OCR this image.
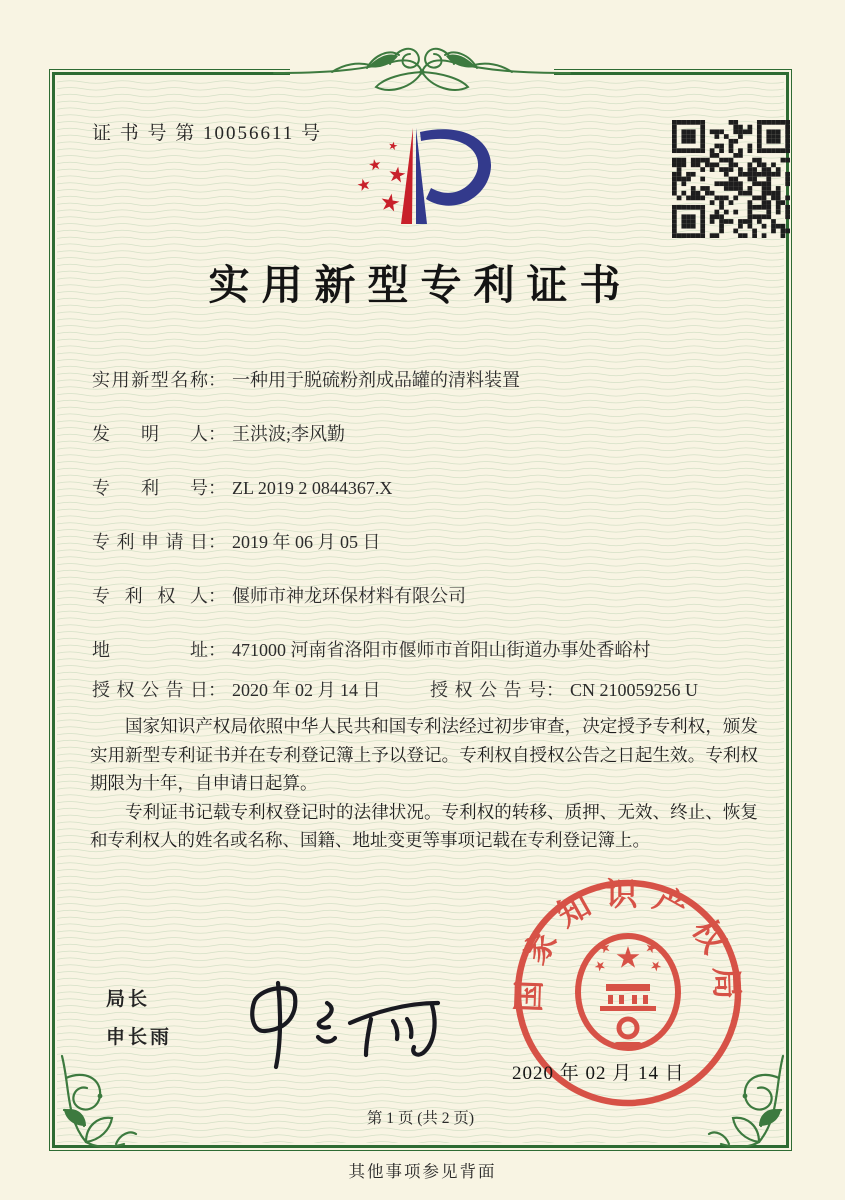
证 书 号 第 10056611 号
实用新型专利证书
实用新型名称： 一种用于脱硫粉剂成品罐的清料装置
发明人： 王洪波;李风勤
专利号： ZL 2019 2 0844367.X
专利申请日： 2019 年 06 月 05 日
专利权人： 偃师市神龙环保材料有限公司
地址： 471000 河南省洛阳市偃师市首阳山街道办事处香峪村
授权公告日： 2020 年 02 月 14 日	授权公告号： CN 210059256 U

国家知识产权局依照中华人民共和国专利法经过初步审查，决定授予专利权，颁发实用新型专利证书并在专利登记簿上予以登记。专利权自授权公告之日起生效。专利权期限为十年，自申请日起算。

专利证书记载专利权登记时的法律状况。专利权的转移、质押、无效、终止、恢复和专利权人的姓名或名称、国籍、地址变更等事项记载在专利登记簿上。

局长
申长雨
国家知识产权局
2020 年 02 月 14 日
第 1 页 (共 2 页)
其他事项参见背面
